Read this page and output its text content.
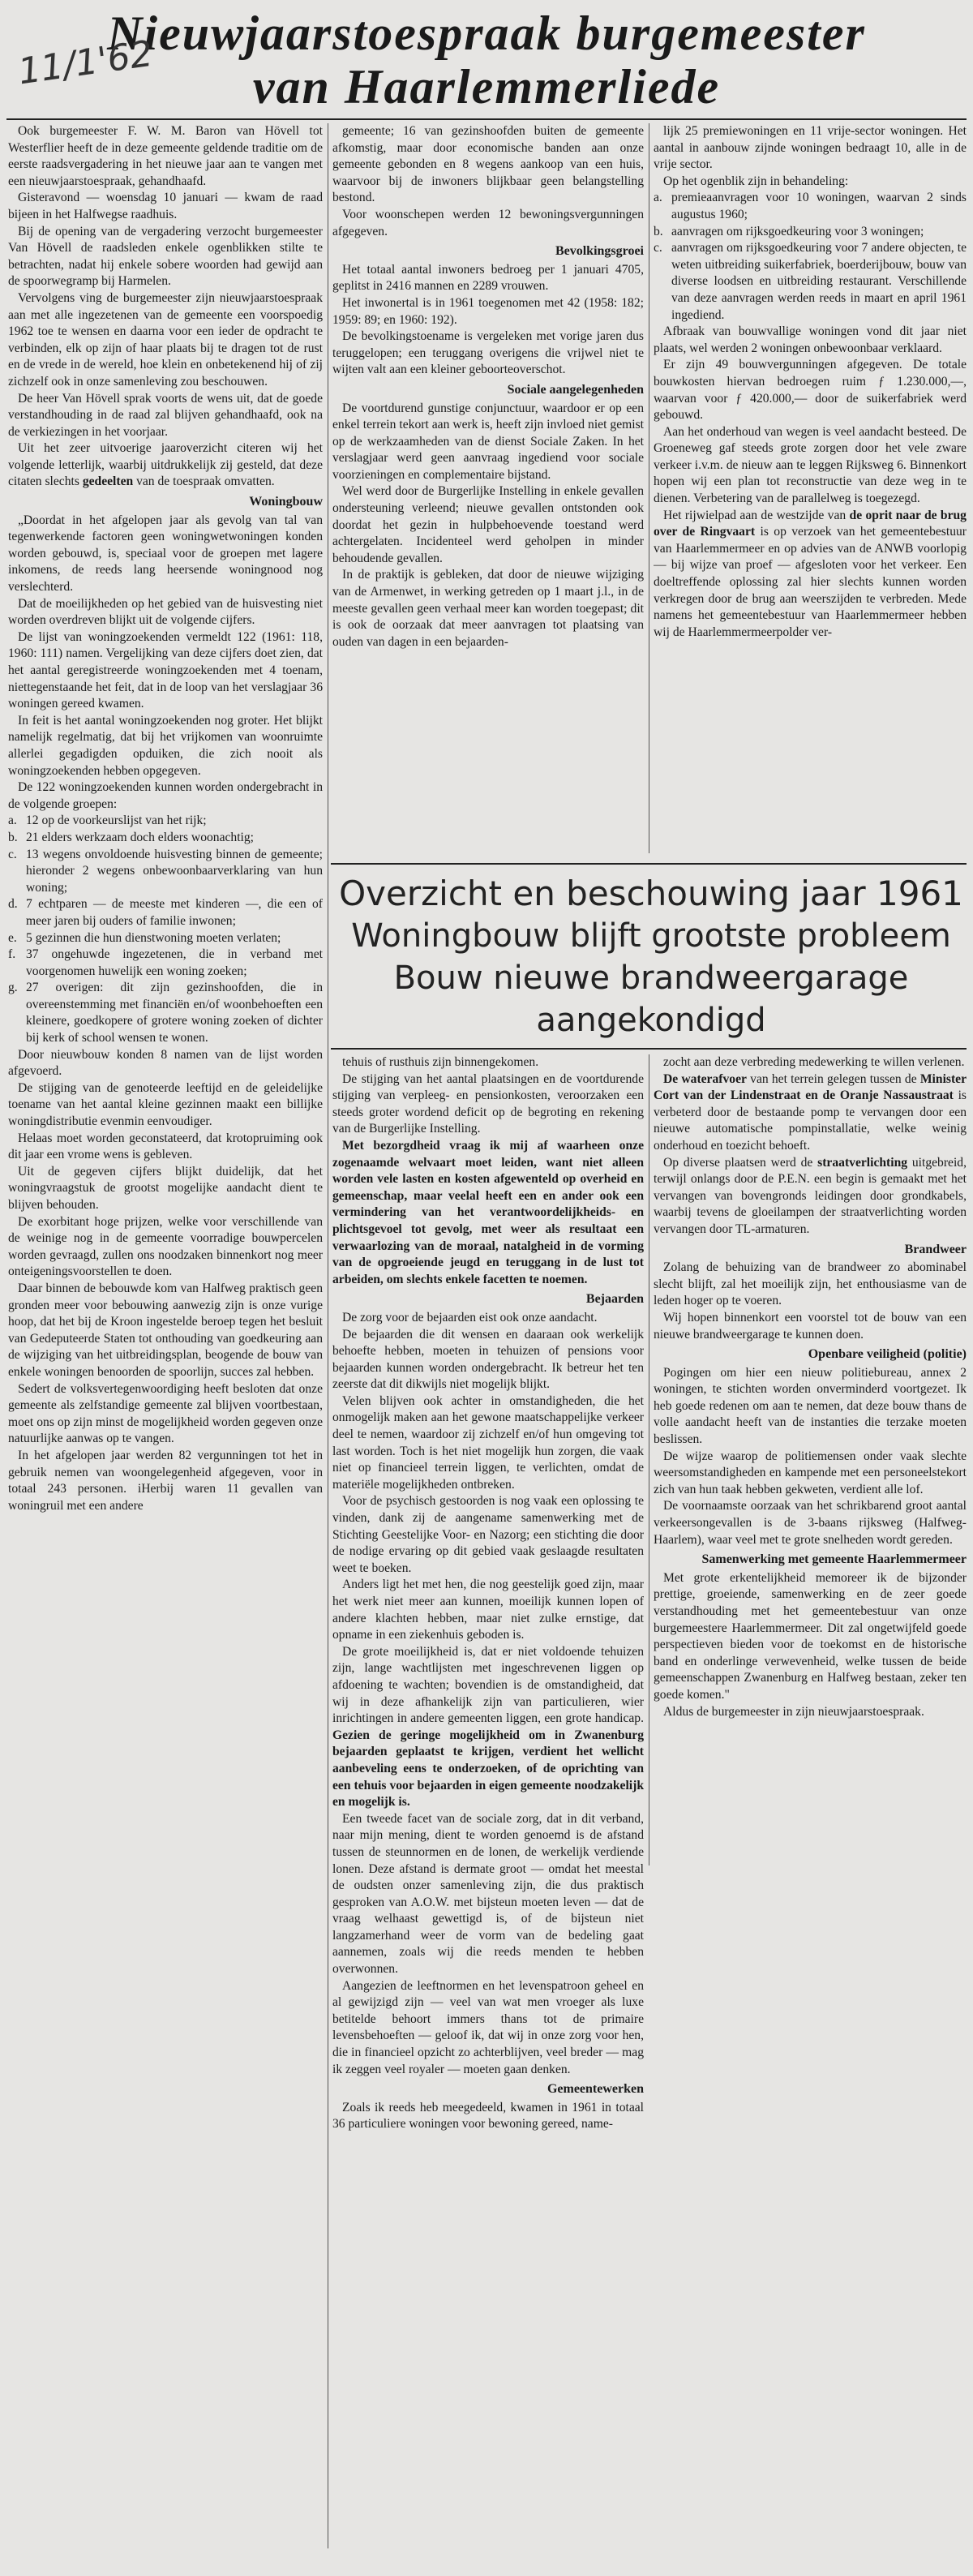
Nieuwjaarstoespraak burgemeester
van Haarlemmerliede
11/1'62

Ook burgemeester F. W. M. Baron van Hövell tot Westerflier heeft de in deze gemeente geldende traditie om de eerste raadsvergadering in het nieuwe jaar aan te vangen met een nieuwjaarstoespraak, gehandhaafd.

Gisteravond — woensdag 10 januari — kwam de raad bijeen in het Halfwegse raadhuis.

Bij de opening van de vergadering verzocht burgemeester Van Hövell de raadsleden enkele ogenblikken stilte te betrachten, nadat hij enkele sobere woorden had gewijd aan de spoorwegramp bij Harmelen.

Vervolgens ving de burgemeester zijn nieuwjaarstoespraak aan met alle ingezetenen van de gemeente een voorspoedig 1962 toe te wensen en daarna voor een ieder de opdracht te verbinden, elk op zijn of haar plaats bij te dragen tot de rust en de vrede in de wereld, hoe klein en onbetekenend hij of zij zichzelf ook in onze samenleving zou beschouwen.

De heer Van Hövell sprak voorts de wens uit, dat de goede verstandhouding in de raad zal blijven gehandhaafd, ook na de verkiezingen in het voorjaar.

Uit het zeer uitvoerige jaaroverzicht citeren wij het volgende letterlijk, waarbij uitdrukkelijk zij gesteld, dat deze citaten slechts gedeelten van de toespraak omvatten.

Woningbouw

„Doordat in het afgelopen jaar als gevolg van tal van tegenwerkende factoren geen woningwetwoningen konden worden gebouwd, is, speciaal voor de groepen met lagere inkomens, de reeds lang heersende woningnood nog verslechterd.

Dat de moeilijkheden op het gebied van de huisvesting niet worden overdreven blijkt uit de volgende cijfers.

De lijst van woningzoekenden vermeldt 122 (1961: 118, 1960: 111) namen. Vergelijking van deze cijfers doet zien, dat het aantal geregistreerde woningzoekenden met 4 toenam, niettegenstaande het feit, dat in de loop van het verslagjaar 36 woningen gereed kwamen.

In feit is het aantal woningzoekenden nog groter. Het blijkt namelijk regelmatig, dat bij het vrijkomen van woonruimte allerlei gegadigden opduiken, die zich nooit als woningzoekenden hebben opgegeven.

De 122 woningzoekenden kunnen worden ondergebracht in de volgende groepen:

a. 12 op de voorkeurslijst van het rijk;
b. 21 elders werkzaam doch elders woonachtig;
c. 13 wegens onvoldoende huisvesting binnen de gemeente; hieronder 2 wegens onbewoonbaarverklaring van hun woning;
d. 7 echtparen — de meeste met kinderen —, die een of meer jaren bij ouders of familie inwonen;
e. 5 gezinnen die hun dienstwoning moeten verlaten;
f. 37 ongehuwde ingezetenen, die in verband met voorgenomen huwelijk een woning zoeken;
g. 27 overigen: dit zijn gezinshoofden, die in overeenstemming met financiën en/of woonbehoeften een kleinere, goedkopere of grotere woning zoeken of dichter bij kerk of school wensen te wonen.

Door nieuwbouw konden 8 namen van de lijst worden afgevoerd.

De stijging van de genoteerde leeftijd en de geleidelijke toename van het aantal kleine gezinnen maakt een billijke woningdistributie evenmin eenvoudiger.

Helaas moet worden geconstateerd, dat krotopruiming ook dit jaar een vrome wens is gebleven.

Uit de gegeven cijfers blijkt duidelijk, dat het woningvraagstuk de grootst mogelijke aandacht dient te blijven behouden.

De exorbitant hoge prijzen, welke voor verschillende van de weinige nog in de gemeente voorradige bouwpercelen worden gevraagd, zullen ons noodzaken binnenkort nog meer onteigeningsvoorstellen te doen.

Daar binnen de bebouwde kom van Halfweg praktisch geen gronden meer voor bebouwing aanwezig zijn is onze vurige hoop, dat het bij de Kroon ingestelde beroep tegen het besluit van Gedeputeerde Staten tot onthouding van goedkeuring aan de wijziging van het uitbreidingsplan, beogende de bouw van enkele woningen benoorden de spoorlijn, succes zal hebben.

Sedert de volksvertegenwoordiging heeft besloten dat onze gemeente als zelfstandige gemeente zal blijven voortbestaan, moet ons op zijn minst de mogelijkheid worden gegeven onze natuurlijke aanwas op te vangen.

In het afgelopen jaar werden 82 vergunningen tot het in gebruik nemen van woongelegenheid afgegeven, voor in totaal 243 personen. iHerbij waren 11 gevallen van woningruil met een andere

gemeente; 16 van gezinshoofden buiten de gemeente afkomstig, maar door economische banden aan onze gemeente gebonden en 8 wegens aankoop van een huis, waarvoor bij de inwoners blijkbaar geen belangstelling bestond.

Voor woonschepen werden 12 bewoningsvergunningen afgegeven.

Bevolkingsgroei

Het totaal aantal inwoners bedroeg per 1 januari 4705, geplitst in 2416 mannen en 2289 vrouwen.

Het inwonertal is in 1961 toegenomen met 42 (1958: 182; 1959: 89; en 1960: 192).

De bevolkingstoename is vergeleken met vorige jaren dus teruggelopen; een teruggang overigens die vrijwel niet te wijten valt aan een kleiner geboorteoverschot.

Sociale aangelegenheden

De voortdurend gunstige conjunctuur, waardoor er op een enkel terrein tekort aan werk is, heeft zijn invloed niet gemist op de werkzaamheden van de dienst Sociale Zaken. In het verslagjaar werd geen aanvraag ingediend voor sociale voorzieningen en complementaire bijstand.

Wel werd door de Burgerlijke Instelling in enkele gevallen ondersteuning verleend; nieuwe gevallen ontstonden ook doordat het gezin in hulpbehoevende toestand werd achtergelaten. Incidenteel werd geholpen in minder behoudende gevallen.

In de praktijk is gebleken, dat door de nieuwe wijziging van de Armenwet, in werking getreden op 1 maart j.l., in de meeste gevallen geen verhaal meer kan worden toegepast; dit is ook de oorzaak dat meer aanvragen tot plaatsing van ouden van dagen in een bejaarden-

lijk 25 premiewoningen en 11 vrije-sector woningen. Het aantal in aanbouw zijnde woningen bedraagt 10, alle in de vrije sector.

Op het ogenblik zijn in behandeling:

a. premieaanvragen voor 10 woningen, waarvan 2 sinds augustus 1960;
b. aanvragen om rijksgoedkeuring voor 3 woningen;
c. aanvragen om rijksgoedkeuring voor 7 andere objecten, te weten uitbreiding suikerfabriek, boerderijbouw, bouw van diverse loodsen en uitbreiding restaurant. Verschillende van deze aanvragen werden reeds in maart en april 1961 ingediend.

Afbraak van bouwvallige woningen vond dit jaar niet plaats, wel werden 2 woningen onbewoonbaar verklaard.

Er zijn 49 bouwvergunningen afgegeven. De totale bouwkosten hiervan bedroegen ruim ƒ 1.230.000,—, waarvan voor ƒ 420.000,— door de suikerfabriek werd gebouwd.

Aan het onderhoud van wegen is veel aandacht besteed. De Groeneweg gaf steeds grote zorgen door het vele zware verkeer i.v.m. de nieuw aan te leggen Rijksweg 6. Binnenkort hopen wij een plan tot reconstructie van deze weg in te dienen. Verbetering van de parallelweg is toegezegd.

Het rijwielpad aan de westzijde van de oprit naar de brug over de Ringvaart is op verzoek van het gemeentebestuur van Haarlemmermeer en op advies van de ANWB voorlopig — bij wijze van proef — afgesloten voor het verkeer. Een doeltreffende oplossing zal hier slechts kunnen worden verkregen door de brug aan weerszijden te verbreden. Mede namens het gemeentebestuur van Haarlemmermeer hebben wij de Haarlemmermeerpolder ver-

Overzicht en beschouwing jaar 1961
Woningbouw blijft grootste probleem
Bouw nieuwe brandweergarage
aangekondigd

tehuis of rusthuis zijn binnengekomen.

De stijging van het aantal plaatsingen en de voortdurende stijging van verpleeg- en pensionkosten, veroorzaken een steeds groter wordend deficit op de begroting en rekening van de Burgerlijke Instelling.

Met bezorgdheid vraag ik mij af waarheen onze zogenaamde welvaart moet leiden, want niet alleen worden vele lasten en kosten afgewenteld op overheid en gemeenschap, maar veelal heeft een en ander ook een vermindering van het verantwoordelijkheids- en plichtsgevoel tot gevolg, met weer als resultaat een verwaarlozing van de moraal, natalgheid in de vorming van de opgroeiende jeugd en teruggang in de lust tot arbeiden, om slechts enkele facetten te noemen.

Bejaarden

De zorg voor de bejaarden eist ook onze aandacht.

De bejaarden die dit wensen en daaraan ook werkelijk behoefte hebben, moeten in tehuizen of pensions voor bejaarden kunnen worden ondergebracht. Ik betreur het ten zeerste dat dit dikwijls niet mogelijk blijkt.

Velen blijven ook achter in omstandigheden, die het onmogelijk maken aan het gewone maatschappelijke verkeer deel te nemen, waardoor zij zichzelf en/of hun omgeving tot last worden. Toch is het niet mogelijk hun zorgen, die vaak niet op financieel terrein liggen, te verlichten, omdat de materiële mogelijkheden ontbreken.

Voor de psychisch gestoorden is nog vaak een oplossing te vinden, dank zij de aangename samenwerking met de Stichting Geestelijke Voor- en Nazorg; een stichting die door de nodige ervaring op dit gebied vaak geslaagde resultaten weet te boeken.

Anders ligt het met hen, die nog geestelijk goed zijn, maar het werk niet meer aan kunnen, moeilijk kunnen lopen of andere klachten hebben, maar niet zulke ernstige, dat opname in een ziekenhuis geboden is.

De grote moeilijkheid is, dat er niet voldoende tehuizen zijn, lange wachtlijsten met ingeschrevenen liggen op afdoening te wachten; bovendien is de omstandigheid, dat wij in deze afhankelijk zijn van particulieren, wier inrichtingen in andere gemeenten liggen, een grote handicap. Gezien de geringe mogelijkheid om in Zwanenburg bejaarden geplaatst te krijgen, verdient het wellicht aanbeveling eens te onderzoeken, of de oprichting van een tehuis voor bejaarden in eigen gemeente noodzakelijk en mogelijk is.

Een tweede facet van de sociale zorg, dat in dit verband, naar mijn mening, dient te worden genoemd is de afstand tussen de steunnormen en de lonen, de werkelijk verdiende lonen. Deze afstand is dermate groot — omdat het meestal de oudsten onzer samenleving zijn, die dus praktisch gesproken van A.O.W. met bijsteun moeten leven — dat de vraag welhaast gewettigd is, of de bijsteun niet langzamerhand weer de vorm van de bedeling gaat aannemen, zoals wij die reeds menden te hebben overwonnen.

Aangezien de leeftnormen en het levenspatroon geheel en al gewijzigd zijn — veel van wat men vroeger als luxe betitelde behoort immers thans tot de primaire levensbehoeften — geloof ik, dat wij in onze zorg voor hen, die in financieel opzicht zo achterblijven, veel breder — mag ik zeggen veel royaler — moeten gaan denken.

Gemeentewerken

Zoals ik reeds heb meegedeeld, kwamen in 1961 in totaal 36 particuliere woningen voor bewoning gereed, name-

zocht aan deze verbreding medewerking te willen verlenen.

De waterafvoer van het terrein gelegen tussen de Minister Cort van der Lindenstraat en de Oranje Nassaustraat is verbeterd door de bestaande pomp te vervangen door een nieuwe automatische pompinstallatie, welke weinig onderhoud en toezicht behoeft.

Op diverse plaatsen werd de straatverlichting uitgebreid, terwijl onlangs door de P.E.N. een begin is gemaakt met het vervangen van bovengronds leidingen door grondkabels, waarbij tevens de gloeilampen der straatverlichting worden vervangen door TL-armaturen.

Brandweer

Zolang de behuizing van de brandweer zo abominabel slecht blijft, zal het moeilijk zijn, het enthousiasme van de leden hoger op te voeren.

Wij hopen binnenkort een voorstel tot de bouw van een nieuwe brandweergarage te kunnen doen.

Openbare veiligheid (politie)

Pogingen om hier een nieuw politiebureau, annex 2 woningen, te stichten worden onverminderd voortgezet. Ik heb goede redenen om aan te nemen, dat deze bouw thans de volle aandacht heeft van de instanties die terzake moeten beslissen.

De wijze waarop de politiemensen onder vaak slechte weersomstandigheden en kampende met een personeelstekort zich van hun taak hebben gekweten, verdient alle lof.

De voornaamste oorzaak van het schrikbarend groot aantal verkeersongevallen is de 3-baans rijksweg (Halfweg-Haarlem), waar veel met te grote snelheden wordt gereden.

Samenwerking met gemeente Haarlemmermeer

Met grote erkentelijkheid memoreer ik de bijzonder prettige, groeiende, samenwerking en de zeer goede verstandhouding met het gemeentebestuur van onze burgemeestere Haarlemmermeer. Dit zal ongetwijfeld goede perspectieven bieden voor de toekomst en de historische band en onderlinge verwevenheid, welke tussen de beide gemeenschappen Zwanenburg en Halfweg bestaan, zeker ten goede komen."

Aldus de burgemeester in zijn nieuwjaarstoespraak.
